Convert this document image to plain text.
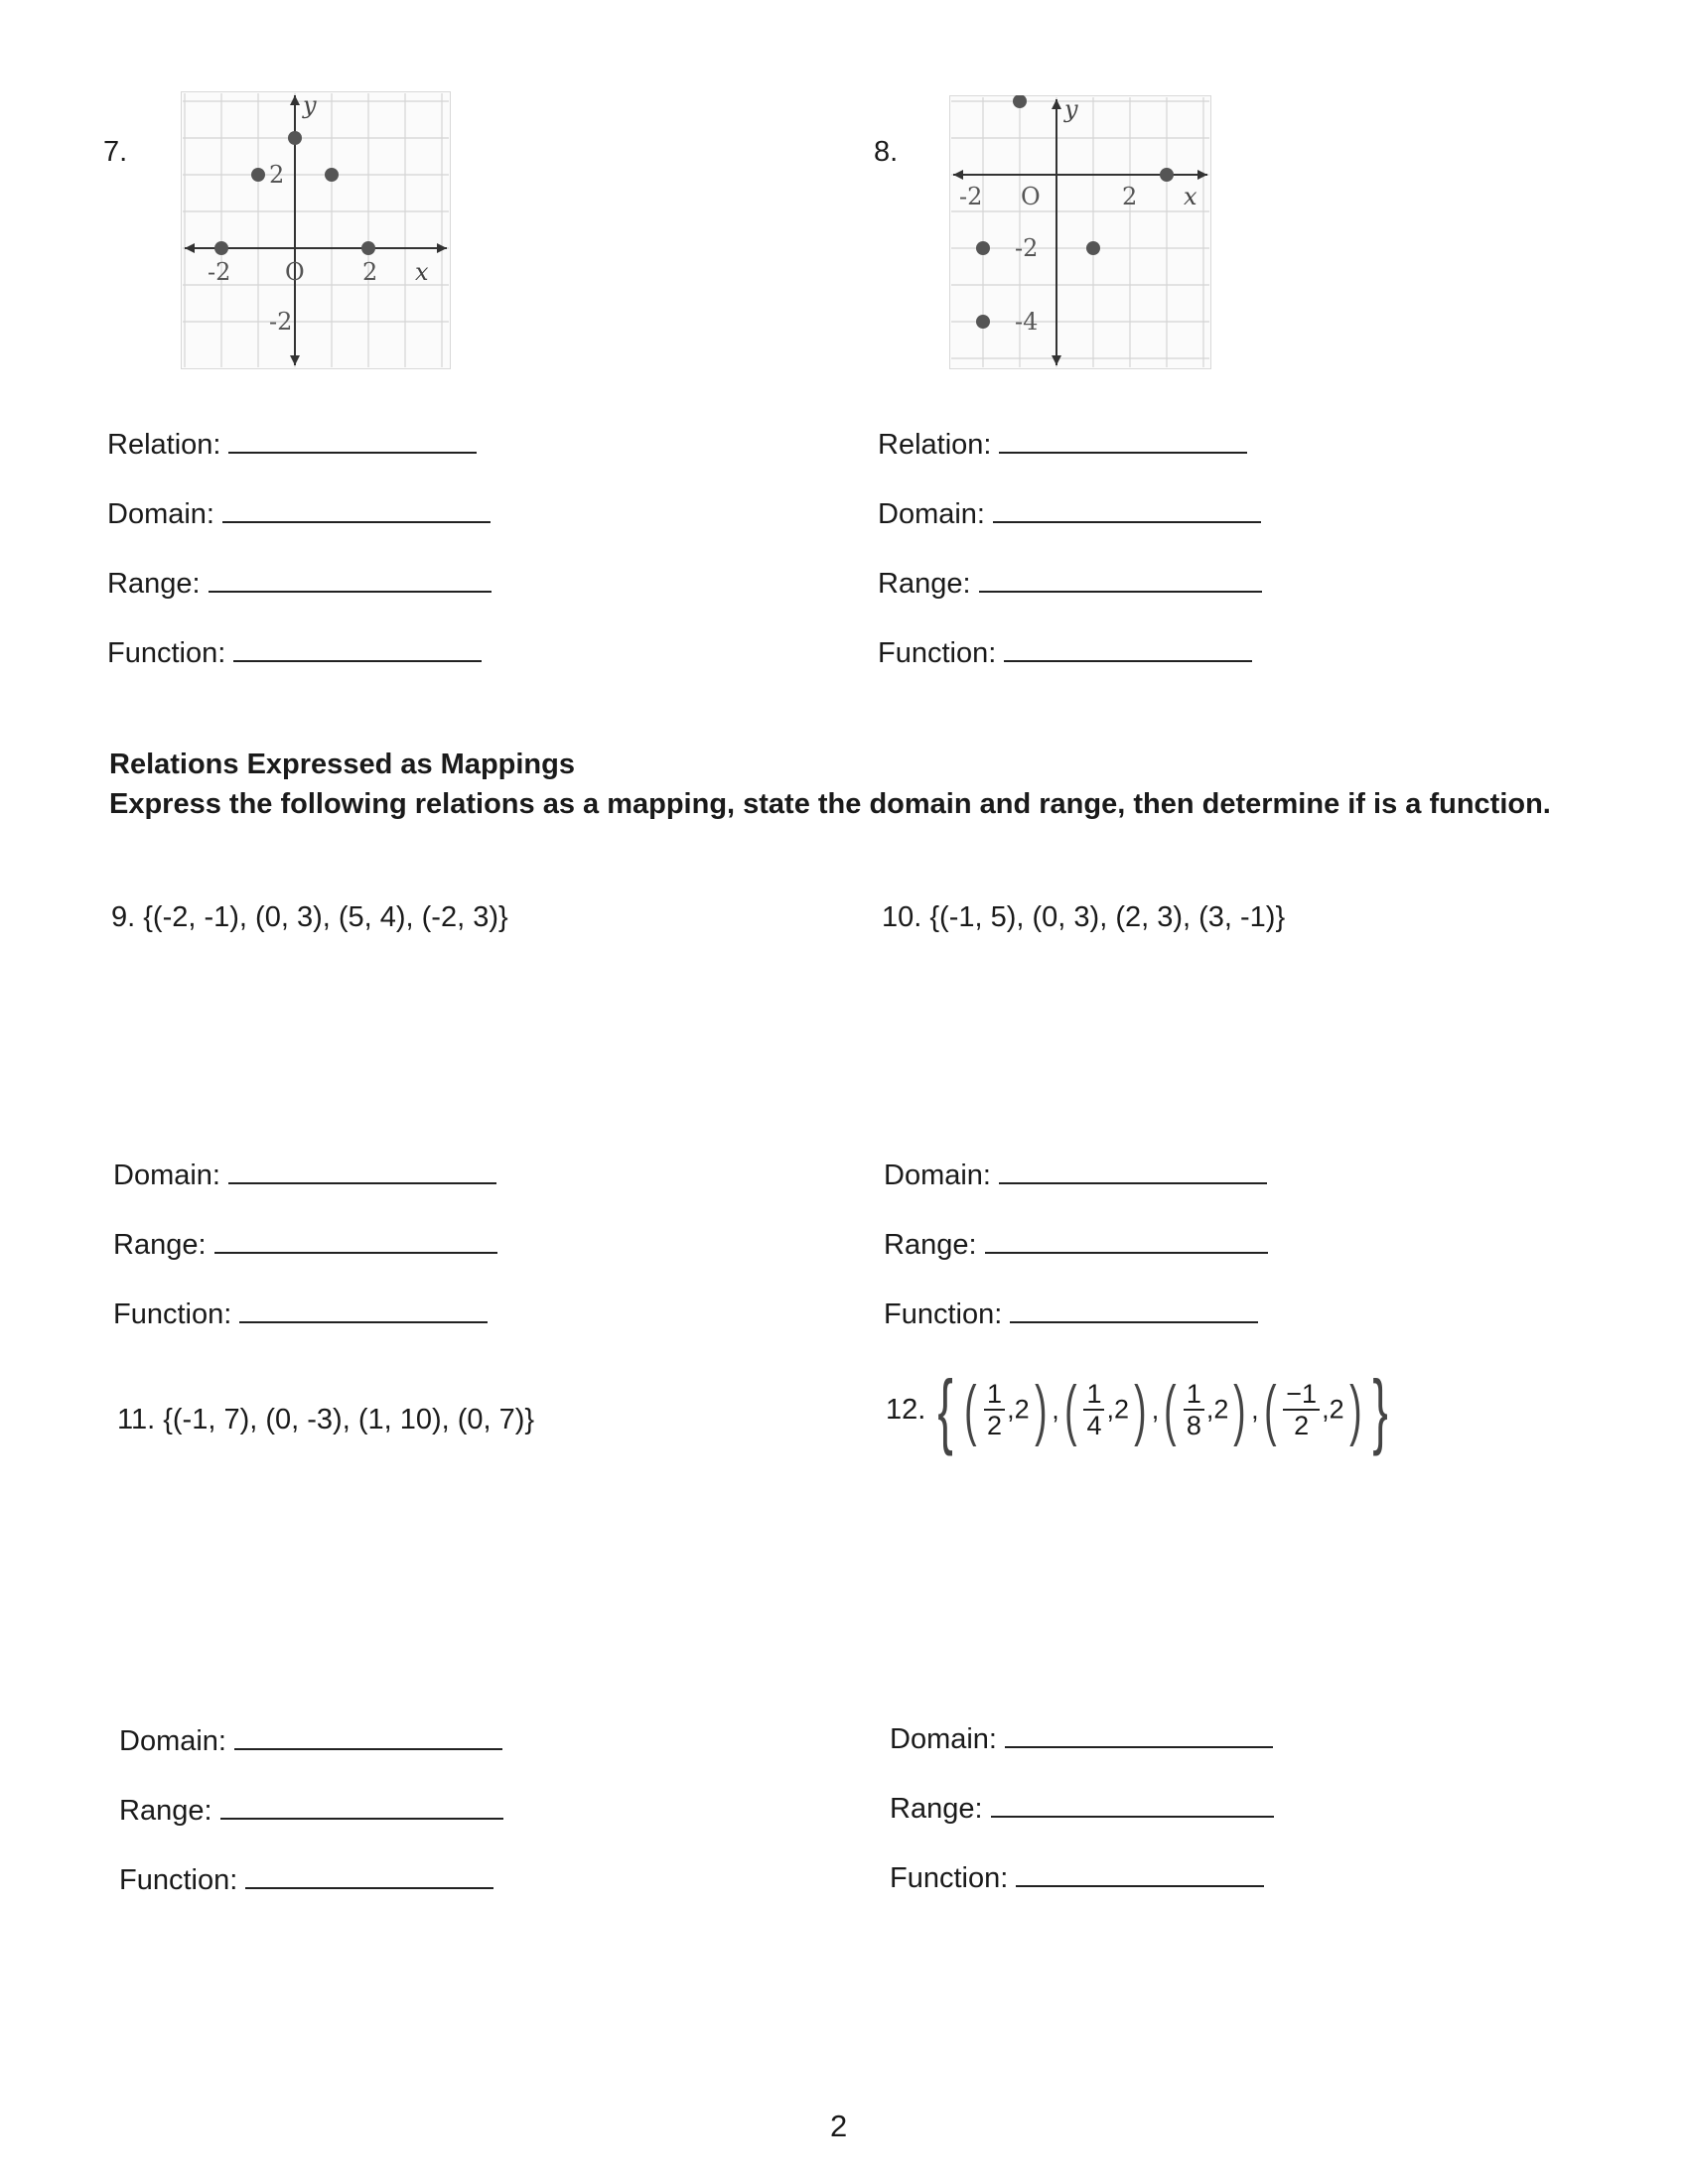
7.
x
y
-2 O 2
2
-2
8.
x
y
-2 O	2
-2
-4
Relation:
Domain:
Range:
Function:
Relation:
Domain:
Range:
Function:
Relations Expressed as Mappings
Express the following relations as a mapping, state the domain and range, then determine if is a function.
9. {(-2, -1), (0, 3), (5, 4), (-2, 3)}	10. {(-1, 5), (0, 3), (2, 3), (3, -1)}
Domain:
Range:
Function:
Domain:
Range:
Function:
11. {(-1, 7), (0, -3), (1, 10), (0, 7)}	12. { ( $\frac{1}{2} ,2$) , ( $\frac{1}{4} ,2$) , ( $\frac{1}{8} ,2$) , ( $\frac{-1}{2} ,2$) }
Domain:
Range:
Function:
Domain:
Range:
Function:
2
